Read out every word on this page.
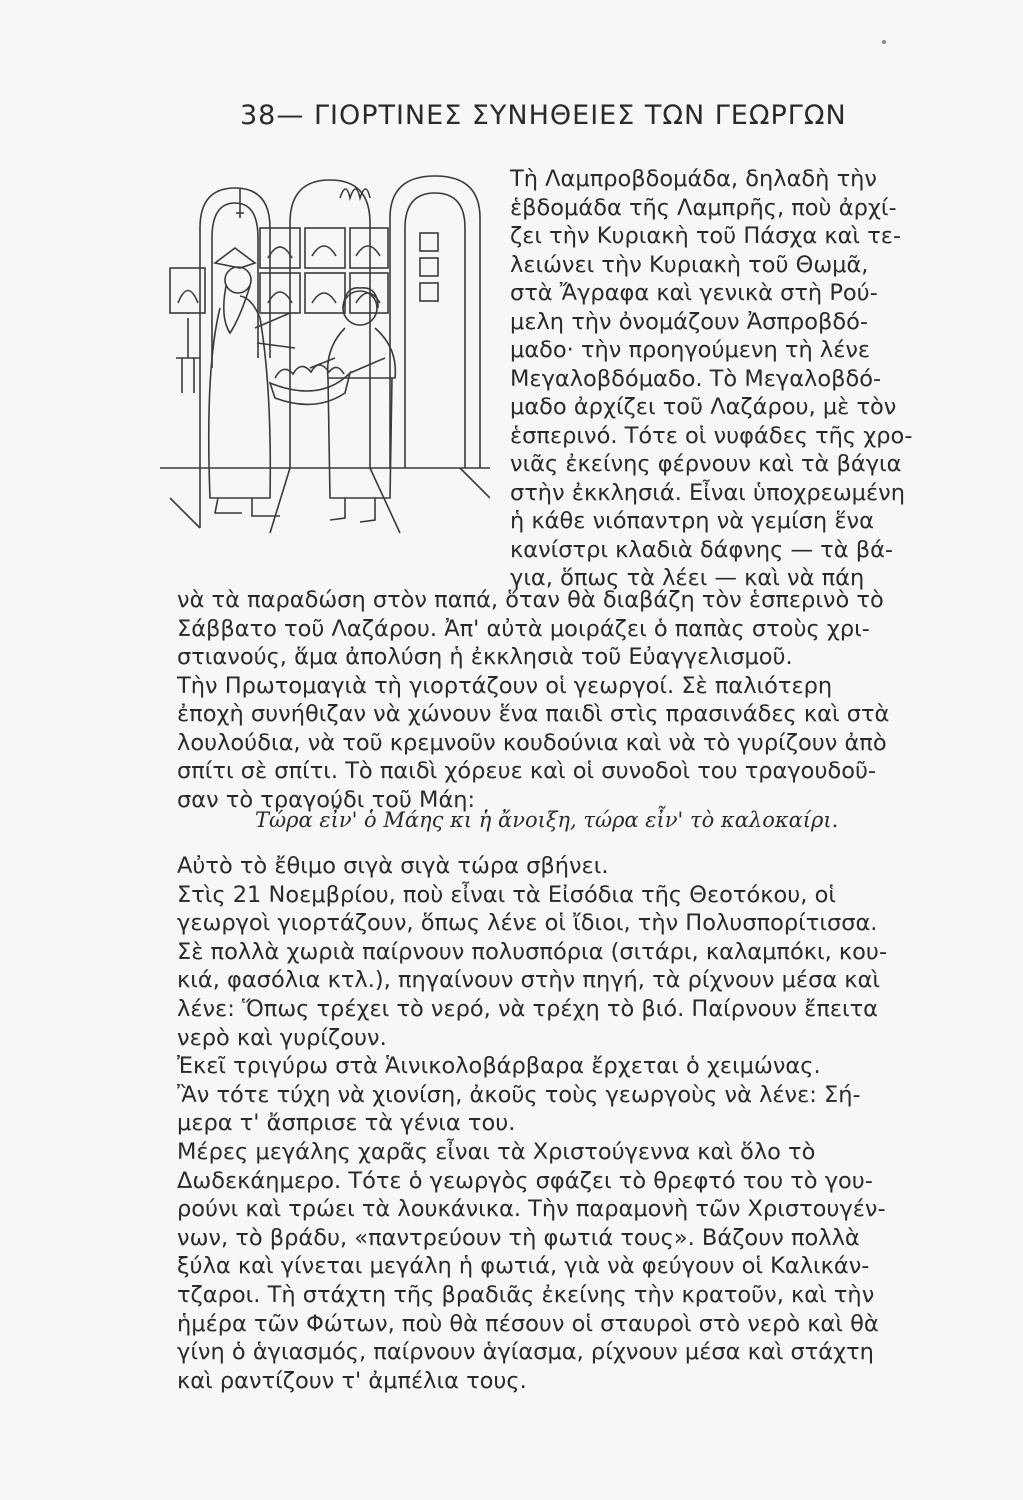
38— ΓΙΟΡΤΙΝΕΣ ΣΥΝΗΘΕΙΕΣ ΤΩΝ ΓΕΩΡΓΩΝ
Τὴ Λαμπροβδομάδα, δηλαδὴ τὴν
ἑβδομάδα τῆς Λαμπρῆς, ποὺ ἀρχί-
ζει τὴν Κυριακὴ τοῦ Πάσχα καὶ τε-
λειώνει τὴν Κυριακὴ τοῦ Θωμᾶ,
στὰ Ἄγραφα καὶ γενικὰ στὴ Ρού-
μελη τὴν ὀνομάζουν Ἀσπροβδό-
μαδο· τὴν προηγούμενη τὴ λένε
Μεγαλοβδόμαδο. Τὸ Μεγαλοβδό-
μαδο ἀρχίζει τοῦ Λαζάρου, μὲ τὸν
ἑσπερινό. Τότε οἱ νυφάδες τῆς χρο-
νιᾶς ἐκείνης φέρνουν καὶ τὰ βάγια
στὴν ἐκκλησιά. Εἶναι ὑποχρεωμένη
ἡ κάθε νιόπαντρη νὰ γεμίση ἕνα
κανίστρι κλαδιὰ δάφνης — τὰ βά-
για, ὅπως τὰ λέει — καὶ νὰ πάη
νὰ τὰ παραδώση στὸν παπά, ὅταν θὰ διαβάζη τὸν ἑσπερινὸ τὸ
Σάββατο τοῦ Λαζάρου. Ἀπ' αὐτὰ μοιράζει ὁ παπὰς στοὺς χρι-
στιανούς, ἅμα ἀπολύση ἡ ἐκκλησιὰ τοῦ Εὐαγγελισμοῦ.
Τὴν Πρωτομαγιὰ τὴ γιορτάζουν οἱ γεωργοί. Σὲ παλιότερη
ἐποχὴ συνήθιζαν νὰ χώνουν ἕνα παιδὶ στὶς πρασινάδες καὶ στὰ
λουλούδια, νὰ τοῦ κρεμνοῦν κουδούνια καὶ νὰ τὸ γυρίζουν ἀπὸ
σπίτι σὲ σπίτι. Τὸ παιδὶ χόρευε καὶ οἱ συνοδοὶ του τραγουδοῦ-
σαν τὸ τραγούδι τοῦ Μάη:
Τώρα εἶν' ὁ Μάης κι ἡ ἄνοιξη, τώρα εἶν' τὸ καλοκαίρι.
Αὐτὸ τὸ ἔθιμο σιγὰ σιγὰ τώρα σβήνει.
Στὶς 21 Νοεμβρίου, ποὺ εἶναι τὰ Εἰσόδια τῆς Θεοτόκου, οἱ
γεωργοὶ γιορτάζουν, ὅπως λένε οἱ ἴδιοι, τὴν Πολυσπορίτισσα.
Σὲ πολλὰ χωριὰ παίρνουν πολυσπόρια (σιτάρι, καλαμπόκι, κου-
κιά, φασόλια κτλ.), πηγαίνουν στὴν πηγή, τὰ ρίχνουν μέσα καὶ
λένε: Ὅπως τρέχει τὸ νερό, νὰ τρέχη τὸ βιό. Παίρνουν ἔπειτα
νερὸ καὶ γυρίζουν.
Ἐκεῖ τριγύρω στὰ Ἁινικολοβάρβαρα ἔρχεται ὁ χειμώνας.
Ἂν τότε τύχη νὰ χιονίση, ἀκοῦς τοὺς γεωργοὺς νὰ λένε: Σή-
μερα τ' ἄσπρισε τὰ γένια του.
Μέρες μεγάλης χαρᾶς εἶναι τὰ Χριστούγεννα καὶ ὅλο τὸ
Δωδεκάημερο. Τότε ὁ γεωργὸς σφάζει τὸ θρεφτό του τὸ γου-
ρούνι καὶ τρώει τὰ λουκάνικα. Τὴν παραμονὴ τῶν Χριστουγέν-
νων, τὸ βράδυ, «παντρεύουν τὴ φωτιά τους». Βάζουν πολλὰ
ξύλα καὶ γίνεται μεγάλη ἡ φωτιά, γιὰ νὰ φεύγουν οἱ Καλικάν-
τζαροι. Τὴ στάχτη τῆς βραδιᾶς ἐκείνης τὴν κρατοῦν, καὶ τὴν
ἡμέρα τῶν Φώτων, ποὺ θὰ πέσουν οἱ σταυροὶ στὸ νερὸ καὶ θὰ
γίνη ὁ ἁγιασμός, παίρνουν ἁγίασμα, ρίχνουν μέσα καὶ στάχτη
καὶ ραντίζουν τ' ἀμπέλια τους.
